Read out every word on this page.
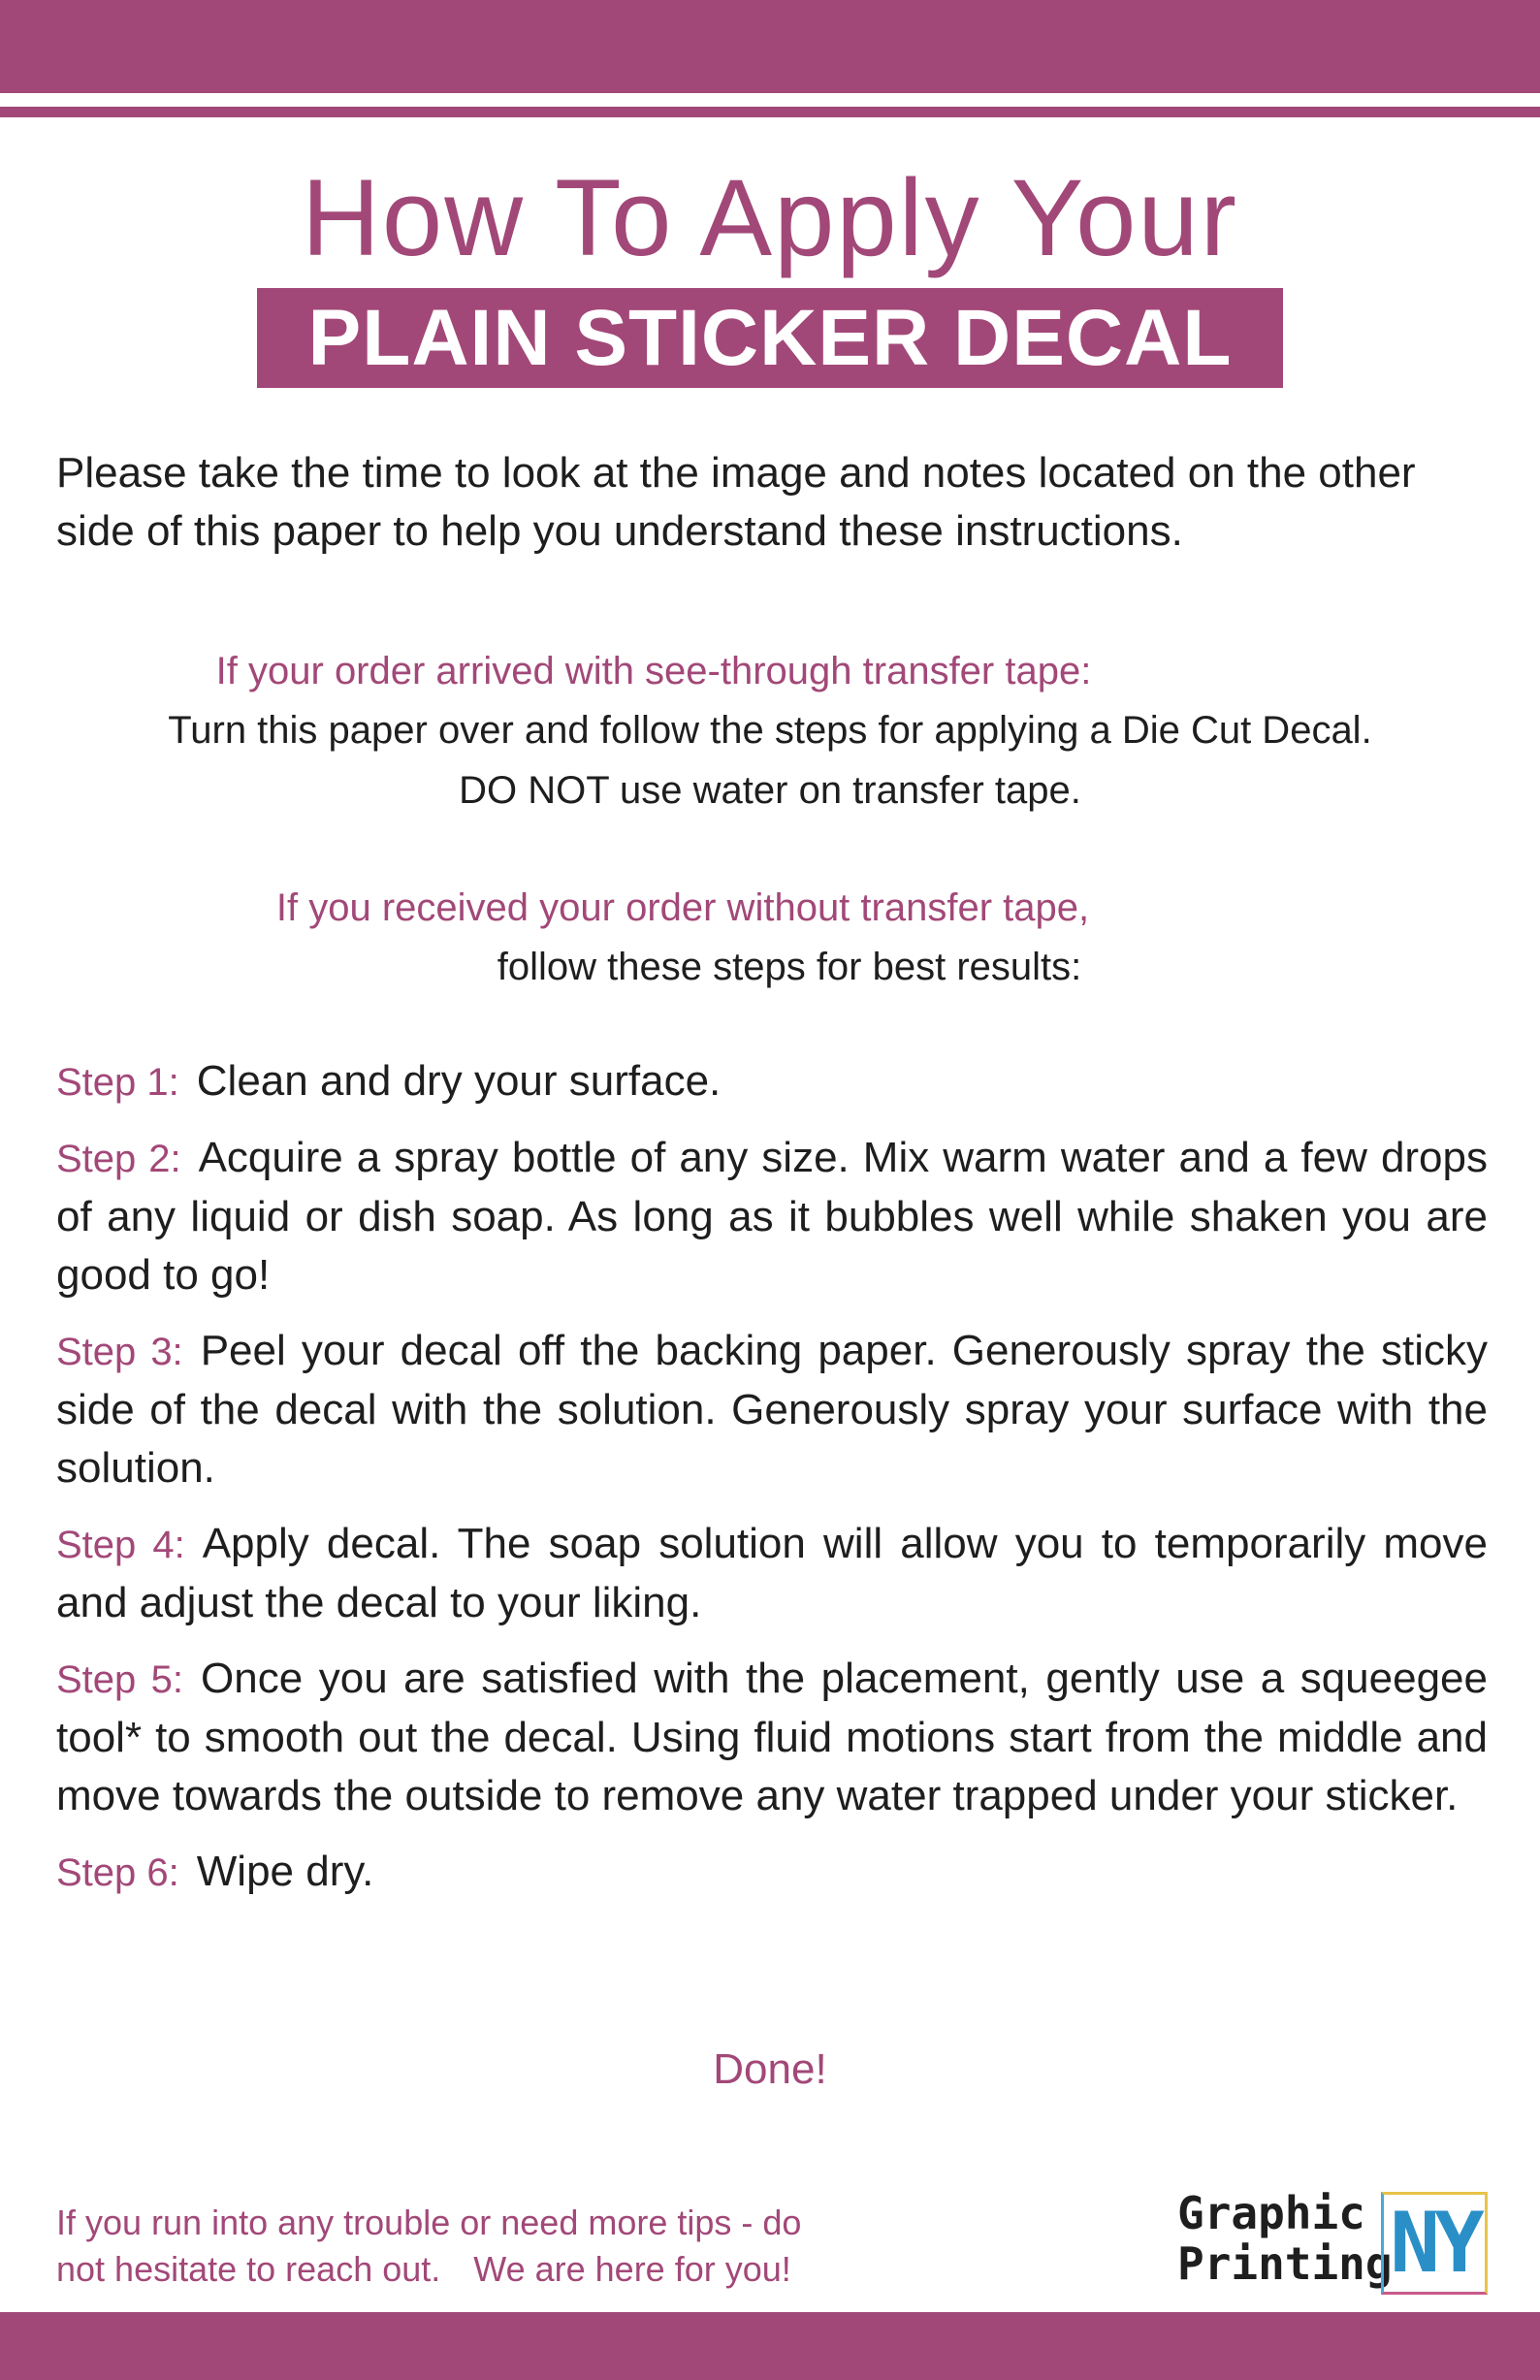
How To Apply Your
PLAIN STICKER DECAL

Please take the time to look at the image and notes located on the other side of this paper to help you understand these instructions.

If your order arrived with see-through transfer tape:
Turn this paper over and follow the steps for applying a Die Cut Decal.
DO NOT use water on transfer tape.
If you received your order without transfer tape,
follow these steps for best results:

Step 1: Clean and dry your surface.

Step 2: Acquire a spray bottle of any size. Mix warm water and a few drops of any liquid or dish soap. As long as it bubbles well while shaken you are good to go!

Step 3: Peel your decal off the backing paper. Generously spray the sticky side of the decal with the solution. Generously spray your surface with the solution.

Step 4: Apply decal. The soap solution will allow you to temporarily move and adjust the decal to your liking.

Step 5: Once you are satisfied with the placement, gently use a squeegee tool* to smooth out the decal. Using fluid motions start from the middle and move towards the outside to remove any water trapped under your sticker.

Step 6: Wipe dry.

Done!
If you run into any trouble or need more tips - do
not hesitate to reach out. We are here for you!
Graphic
Printing
NY
